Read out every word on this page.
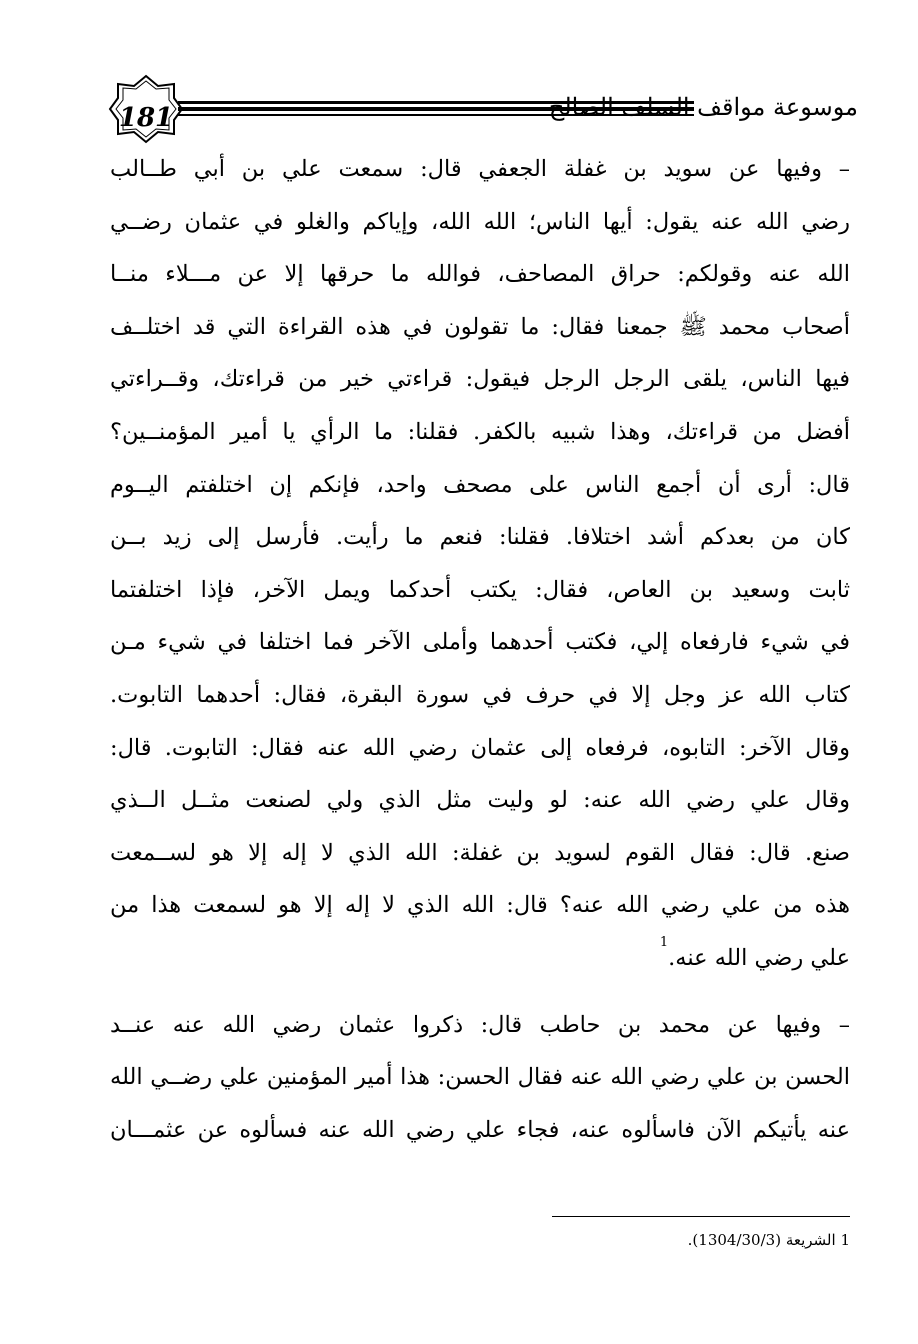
181	موسوعة مواقف السلف الصالح
– وفيها عن سويد بن غفلة الجعفي قال: سمعت علي بن أبي طــالب
رضي الله عنه يقول: أيها الناس؛ الله الله، وإياكم والغلو في عثمان رضــي
الله عنه وقولكم: حراق المصاحف، فوالله ما حرقها إلا عن مـــلاء منــا
أصحاب محمد ﷺ جمعنا فقال: ما تقولون في هذه القراءة التي قد اختلــف
فيها الناس، يلقى الرجل الرجل فيقول: قراءتي خير من قراءتك، وقــراءتي
أفضل من قراءتك، وهذا شبيه بالكفر. فقلنا: ما الرأي يا أمير المؤمنــين؟
قال: أرى أن أجمع الناس على مصحف واحد، فإنكم إن اختلفتم اليــوم
كان من بعدكم أشد اختلافا. فقلنا: فنعم ما رأيت. فأرسل إلى زيد بــن
ثابت وسعيد بن العاص، فقال: يكتب أحدكما ويمل الآخر، فإذا اختلفتما
في شيء فارفعاه إلي، فكتب أحدهما وأملى الآخر فما اختلفا في شيء مـن
كتاب الله عز وجل إلا في حرف في سورة البقرة، فقال: أحدهما التابوت.
وقال الآخر: التابوه، فرفعاه إلى عثمان رضي الله عنه فقال: التابوت. قال:
وقال علي رضي الله عنه: لو وليت مثل الذي ولي لصنعت مثــل الــذي
صنع. قال: فقال القوم لسويد بن غفلة: الله الذي لا إله إلا هو لســمعت
هذه من علي رضي الله عنه؟ قال: الله الذي لا إله إلا هو لسمعت هذا من
علي رضي الله عنه.$^1$
– وفيها عن محمد بن حاطب قال: ذكروا عثمان رضي الله عنه عنــد
الحسن بن علي رضي الله عنه فقال الحسن: هذا أمير المؤمنين علي رضــي الله
عنه يأتيكم الآن فاسألوه عنه، فجاء علي رضي الله عنه فسألوه عن عثمـــان
1 الشريعة (1304/30/3).
